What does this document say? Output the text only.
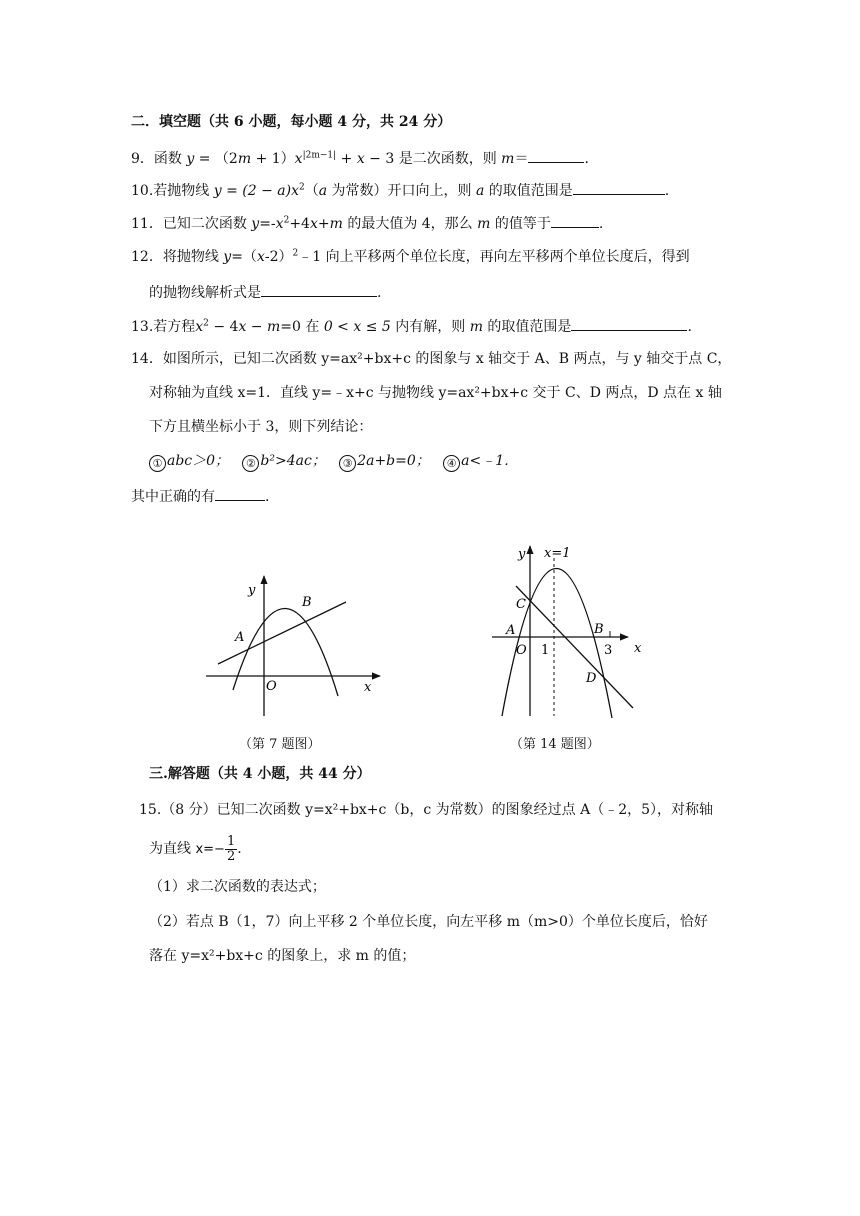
二．填空题（共 6 小题，每小题 4 分，共 24 分）
9．函数 $y = (2m + 1)x^{|2m-1|} + x - 3$ 是二次函数，则 m＝	.
10.若抛物线 $y = (2 - a)x^2(a$ 为常数）开口向上，则 a 的取值范围是	.
11．已知二次函数 $y=-x^2+4x+m$ 的最大值为 4，那么 m 的值等于	.
12．将抛物线 $y=(x-2)^2﹣1$ 向上平移两个单位长度，再向左平移两个单位长度后，得到
的抛物线解析式是	.
13.若方程$x^2 - 4x - m=0$ 在 0 < x ≤ 5 内有解，则 m 的取值范围是	.
14．如图所示，已知二次函数 y=ax²+bx+c 的图象与 x 轴交于 A、B 两点，与 y 轴交于点 C，
对称轴为直线 x=1．直线 y=﹣x+c 与抛物线 y=ax²+bx+c 交于 C、D 两点，D 点在 x 轴
下方且横坐标小于 3，则下列结论：
① abc＞0； ② b²>4ac； ③ 2a+b=0； ④ a<﹣1．
其中正确的有	.
y
x
O
A
B
（第 7 题图）
y x=1
x
O
A
C
1
B
3
D
（第 14 题图）
三.解答题（共 4 小题，共 44 分）
15.（8 分）已知二次函数 y=x²+bx+c（b，c 为常数）的图象经过点 A（﹣2，5），对称轴
为直线 $x=- \frac{1}{2}$ .
（1）求二次函数的表达式；
（2）若点 B（1，7）向上平移 2 个单位长度，向左平移 m（m>0）个单位长度后，恰好
落在 y=x²+bx+c 的图象上，求 m 的值；
